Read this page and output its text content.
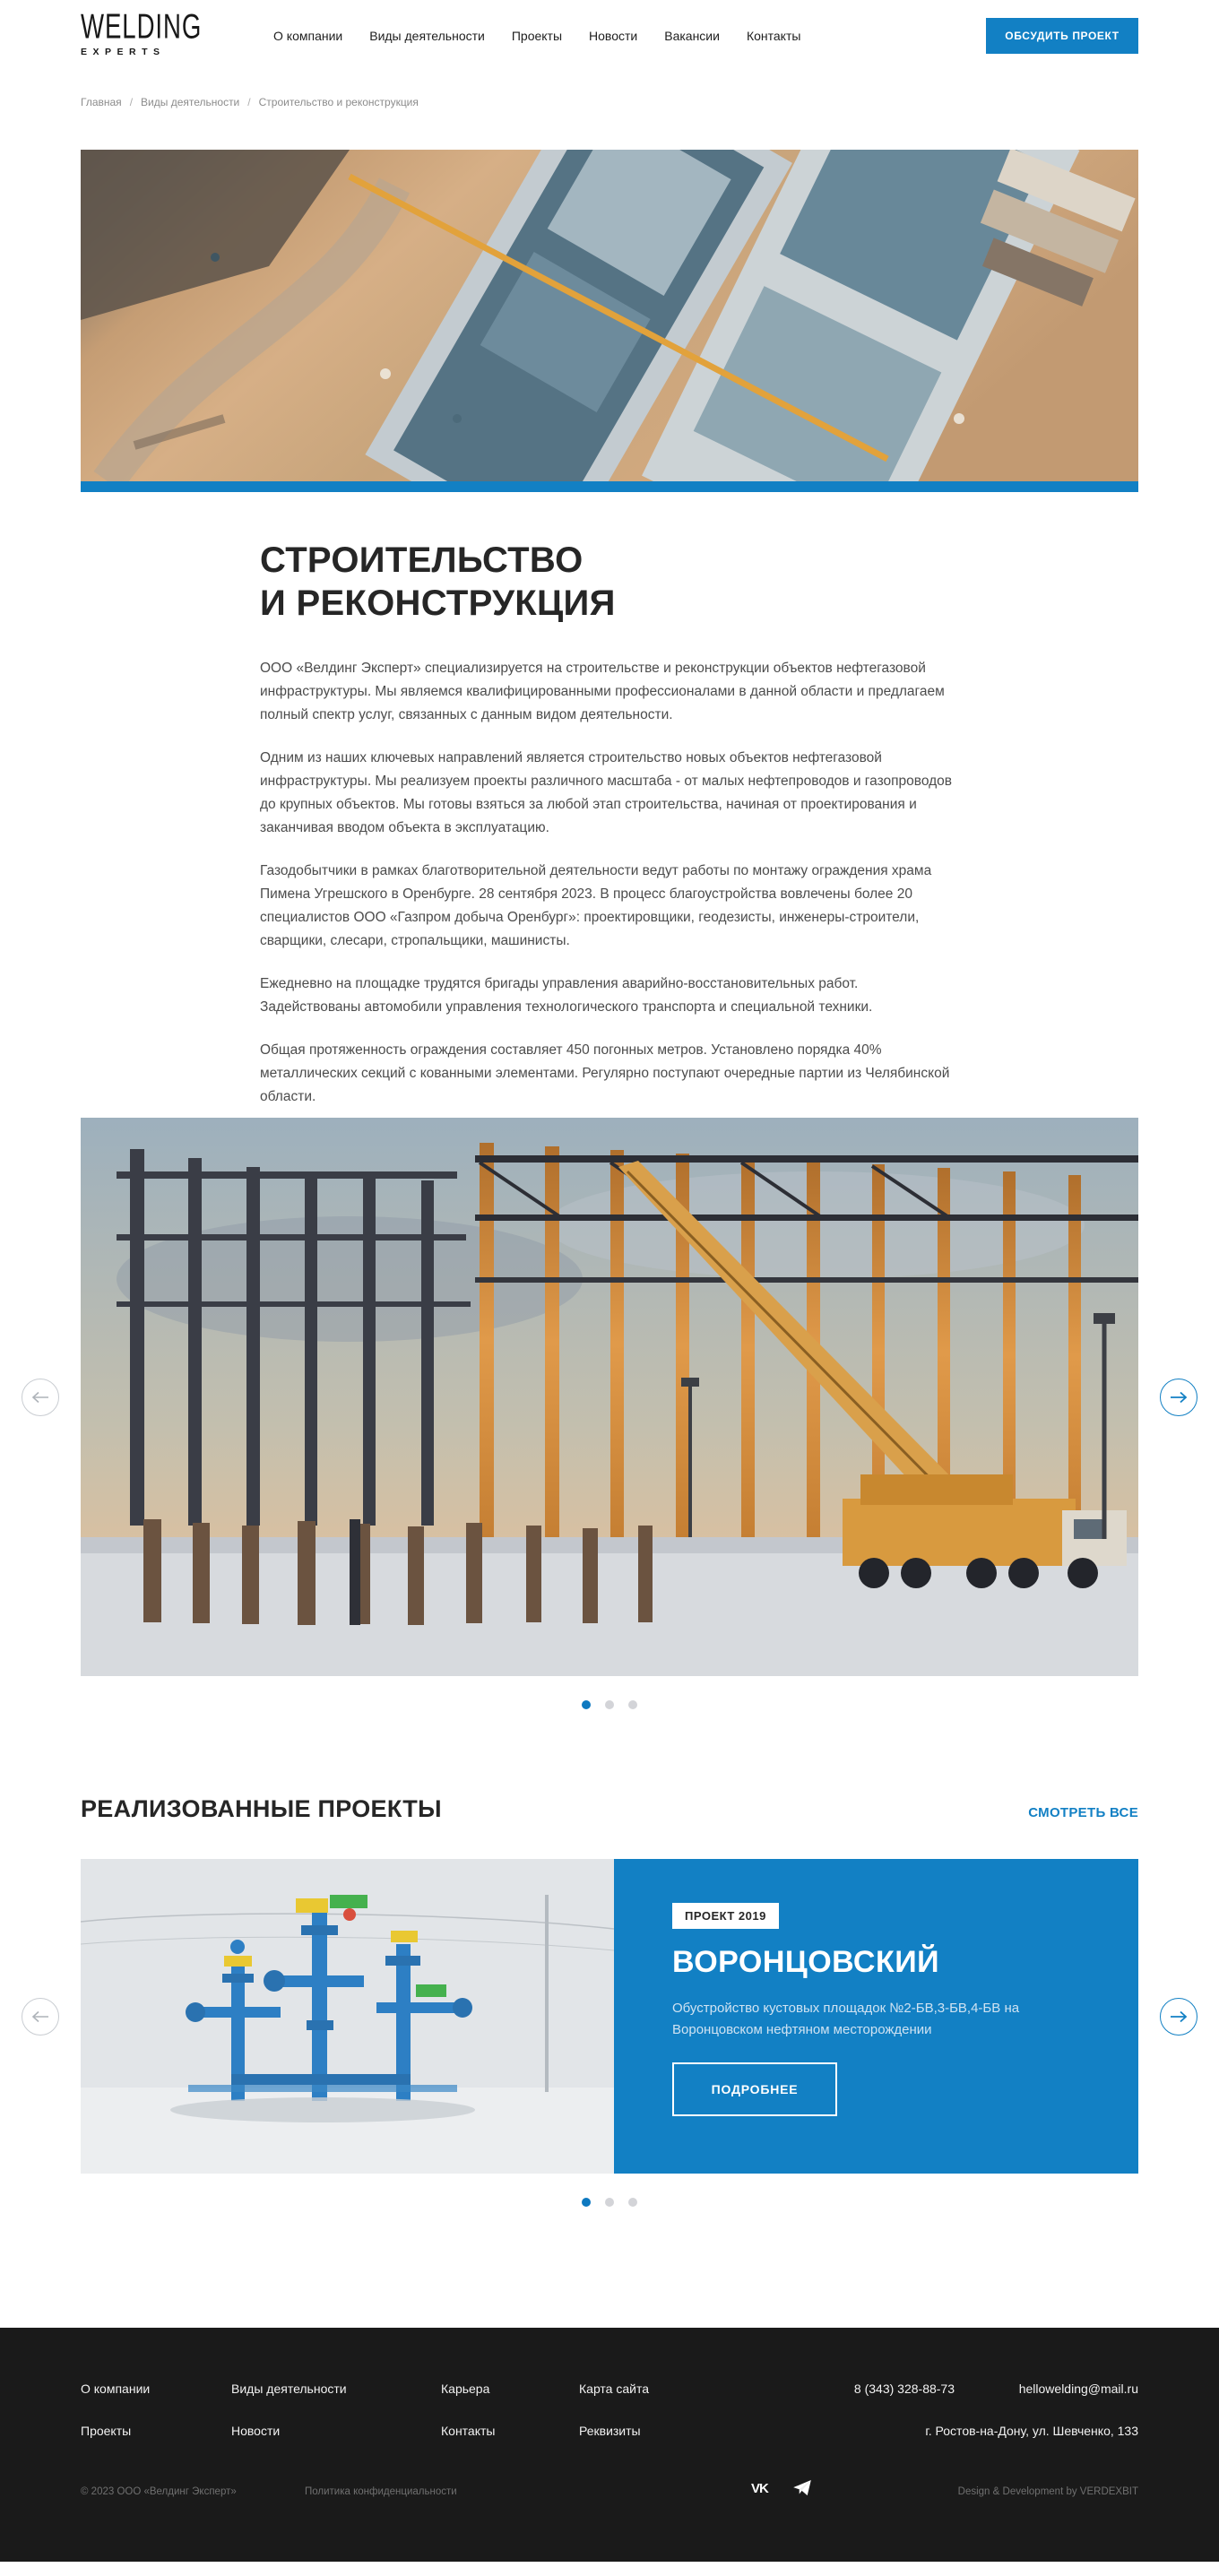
WELDING
EXPERTS
О компании Виды деятельности Проекты Новости Вакансии Контакты	ОБСУДИТЬ ПРОЕКТ
Главная / Виды деятельности / Строительство и реконструкция
СТРОИТЕЛЬСТВО
И РЕКОНСТРУКЦИЯ

ООО «Велдинг Эксперт» специализируется на строительстве и реконструкции объектов нефтегазовой инфраструктуры. Мы являемся квалифицированными профессионалами в данной области и предлагаем полный спектр услуг, связанных с данным видом деятельности.

Одним из наших ключевых направлений является строительство новых объектов нефтегазовой инфраструктуры. Мы реализуем проекты различного масштаба - от малых нефтепроводов и газопроводов до крупных объектов. Мы готовы взяться за любой этап строительства, начиная от проектирования и заканчивая вводом объекта в эксплуатацию.

Газодобытчики в рамках благотворительной деятельности ведут работы по монтажу ограждения храма Пимена Угрешского в Оренбурге. 28 сентября 2023. В процесс благоустройства вовлечены более 20 специалистов ООО «Газпром добыча Оренбург»: проектировщики, геодезисты, инженеры-строители, сварщики, слесари, стропальщики, машинисты.

Ежедневно на площадке трудятся бригады управления аварийно-восстановительных работ. Задействованы автомобили управления технологического транспорта и специальной техники.

Общая протяженность ограждения составляет 450 погонных метров. Установлено порядка 40% металлических секций с кованными элементами. Регулярно поступают очередные партии из Челябинской области.

РЕАЛИЗОВАННЫЕ ПРОЕКТЫ	СМОТРЕТЬ ВСЕ
ПРОЕКТ 2019
ВОРОНЦОВСКИЙ
Обустройство кустовых площадок №2-БВ,3-БВ,4-БВ на Воронцовском нефтяном месторождении
ПОДРОБНЕЕ
О компании	Виды деятельности	Карьера	Карта сайта
Проекты	Новости	Контакты	Реквизиты
8 (343) 328-88-73	hellowelding@mail.ru
г. Ростов-на-Дону, ул. Шевченко, 133
© 2023 ООО «Велдинг Эксперт»	Политика конфиденциальности	VK	Design & Development by VERDEXBIT
